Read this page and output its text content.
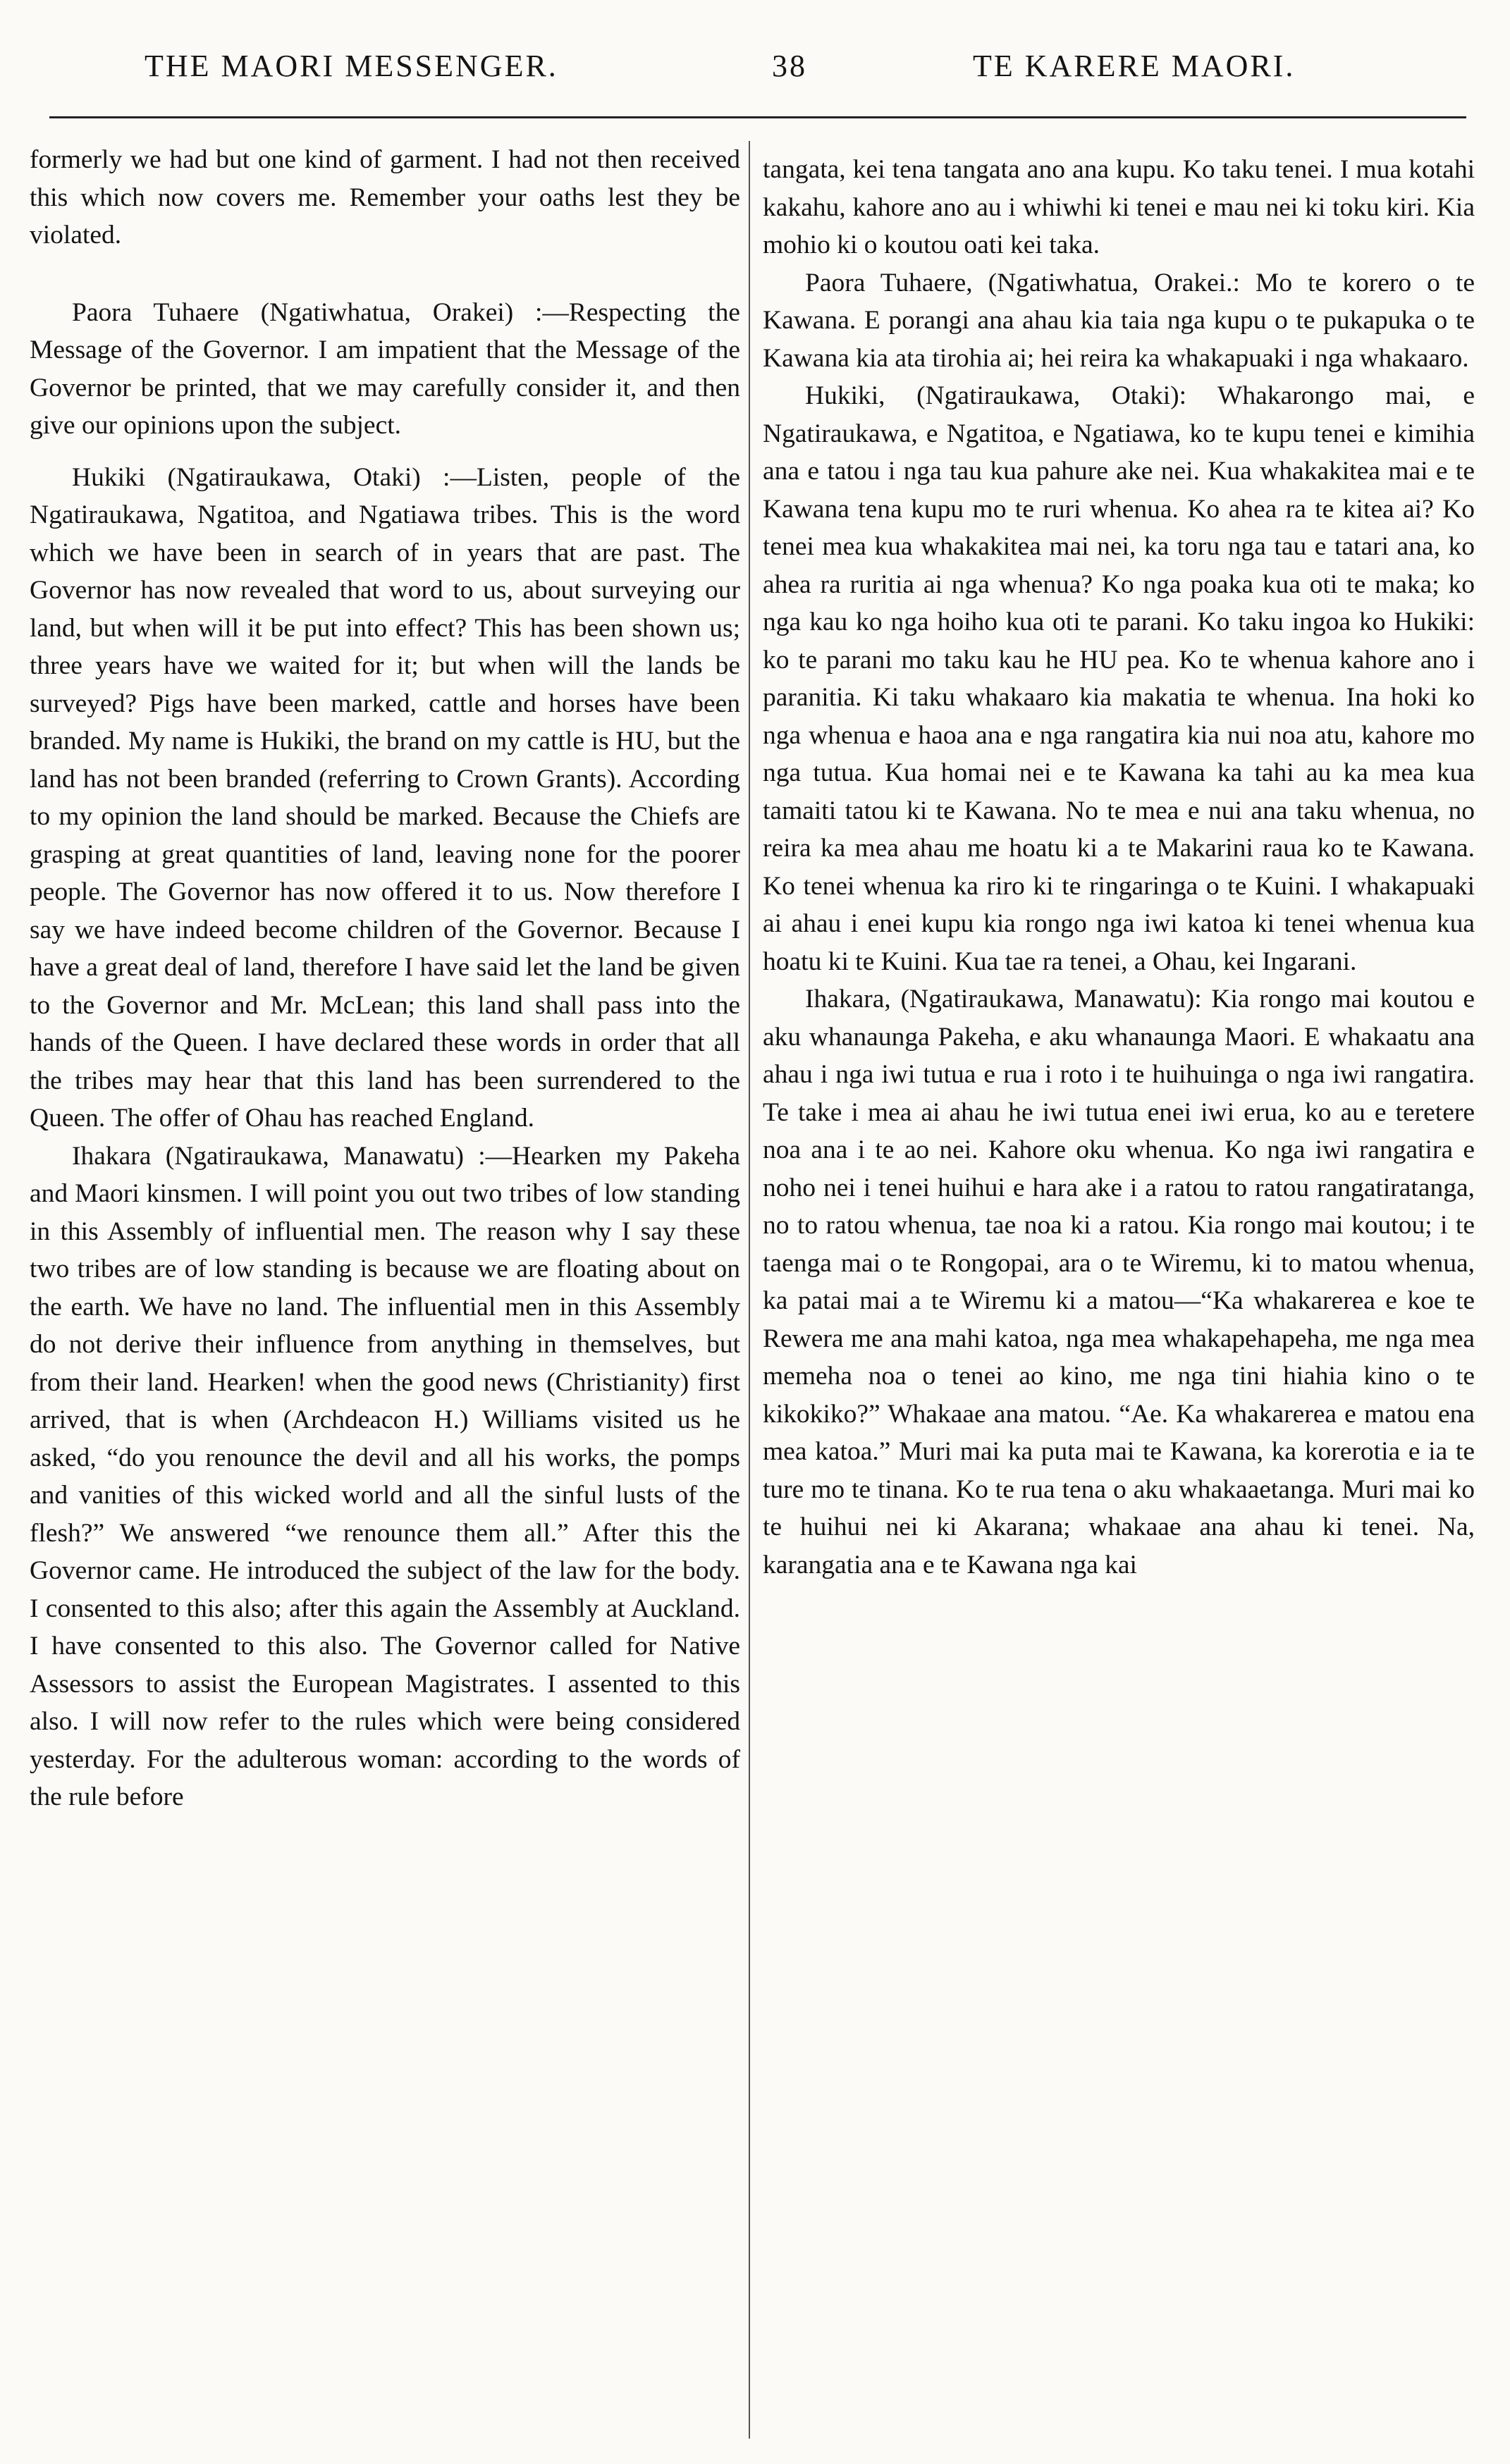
THE MAORI MESSENGER.	38	TE KARERE MAORI.

formerly we had but one kind of garment. I had not then received this which now covers me. Remember your oaths lest they be violated.

Paora Tuhaere (Ngatiwhatua, Orakei) :—Respecting the Message of the Governor. I am impatient that the Message of the Governor be printed, that we may carefully consider it, and then give our opinions upon the subject.

Hukiki (Ngatiraukawa, Otaki) :—Listen, people of the Ngatiraukawa, Ngatitoa, and Ngatiawa tribes. This is the word which we have been in search of in years that are past. The Governor has now revealed that word to us, about surveying our land, but when will it be put into effect? This has been shown us; three years have we waited for it; but when will the lands be surveyed? Pigs have been marked, cattle and horses have been branded. My name is Hukiki, the brand on my cattle is HU, but the land has not been branded (referring to Crown Grants). According to my opinion the land should be marked. Because the Chiefs are grasping at great quantities of land, leaving none for the poorer people. The Governor has now offered it to us. Now therefore I say we have indeed become children of the Governor. Because I have a great deal of land, therefore I have said let the land be given to the Governor and Mr. McLean; this land shall pass into the hands of the Queen. I have declared these words in order that all the tribes may hear that this land has been surrendered to the Queen. The offer of Ohau has reached England.

Ihakara (Ngatiraukawa, Manawatu) :—Hearken my Pakeha and Maori kinsmen. I will point you out two tribes of low standing in this Assembly of influential men. The reason why I say these two tribes are of low standing is because we are floating about on the earth. We have no land. The influential men in this Assembly do not derive their influence from anything in themselves, but from their land. Hearken! when the good news (Christianity) first arrived, that is when (Archdeacon H.) Williams visited us he asked, “do you renounce the devil and all his works, the pomps and vanities of this wicked world and all the sinful lusts of the flesh?” We answered “we renounce them all.” After this the Governor came. He introduced the subject of the law for the body. I consented to this also; after this again the Assembly at Auckland. I have consented to this also. The Governor called for Native Assessors to assist the European Magistrates. I assented to this also. I will now refer to the rules which were being considered yesterday. For the adulterous woman: according to the words of the rule before

tangata, kei tena tangata ano ana kupu. Ko taku tenei. I mua kotahi kakahu, kahore ano au i whiwhi ki tenei e mau nei ki toku kiri. Kia mohio ki o koutou oati kei taka.

Paora Tuhaere, (Ngatiwhatua, Orakei.: Mo te korero o te Kawana. E porangi ana ahau kia taia nga kupu o te pukapuka o te Kawana kia ata tirohia ai; hei reira ka whakapuaki i nga whakaaro.

Hukiki, (Ngatiraukawa, Otaki): Whakarongo mai, e Ngatiraukawa, e Ngatitoa, e Ngatiawa, ko te kupu tenei e kimihia ana e tatou i nga tau kua pahure ake nei. Kua whakakitea mai e te Kawana tena kupu mo te ruri whenua. Ko ahea ra te kitea ai? Ko tenei mea kua whakakitea mai nei, ka toru nga tau e tatari ana, ko ahea ra ruritia ai nga whenua? Ko nga poaka kua oti te maka; ko nga kau ko nga hoiho kua oti te parani. Ko taku ingoa ko Hukiki: ko te parani mo taku kau he HU pea. Ko te whenua kahore ano i paranitia. Ki taku whakaaro kia makatia te whenua. Ina hoki ko nga whenua e haoa ana e nga rangatira kia nui noa atu, kahore mo nga tutua. Kua homai nei e te Kawana ka tahi au ka mea kua tamaiti tatou ki te Kawana. No te mea e nui ana taku whenua, no reira ka mea ahau me hoatu ki a te Makarini raua ko te Kawana. Ko tenei whenua ka riro ki te ringaringa o te Kuini. I whakapuaki ai ahau i enei kupu kia rongo nga iwi katoa ki tenei whenua kua hoatu ki te Kuini. Kua tae ra tenei, a Ohau, kei Ingarani.

Ihakara, (Ngatiraukawa, Manawatu): Kia rongo mai koutou e aku whanaunga Pakeha, e aku whanaunga Maori. E whakaatu ana ahau i nga iwi tutua e rua i roto i te huihuinga o nga iwi rangatira. Te take i mea ai ahau he iwi tutua enei iwi erua, ko au e teretere noa ana i te ao nei. Kahore oku whenua. Ko nga iwi rangatira e noho nei i tenei huihui e hara ake i a ratou to ratou rangatiratanga, no to ratou whenua, tae noa ki a ratou. Kia rongo mai koutou; i te taenga mai o te Rongopai, ara o te Wiremu, ki to matou whenua, ka patai mai a te Wiremu ki a matou—“Ka whakarerea e koe te Rewera me ana mahi katoa, nga mea whakapehapeha, me nga mea memeha noa o tenei ao kino, me nga tini hiahia kino o te kikokiko?” Whakaae ana matou. “Ae. Ka whakarerea e matou ena mea katoa.” Muri mai ka puta mai te Kawana, ka korerotia e ia te ture mo te tinana. Ko te rua tena o aku whakaaetanga. Muri mai ko te huihui nei ki Akarana; whakaae ana ahau ki tenei. Na, karangatia ana e te Kawana nga kai
